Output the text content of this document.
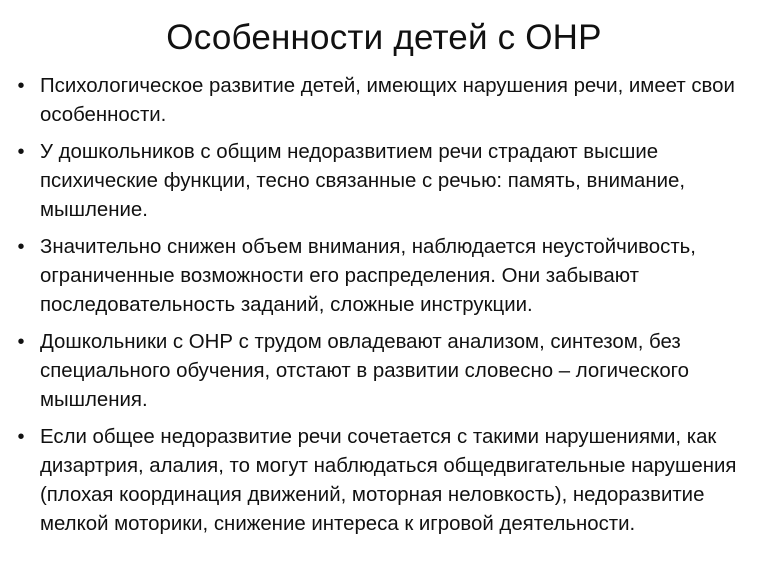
Особенности детей с ОНР
• Психологическое развитие детей, имеющих нарушения речи, имеет свои особенности.
• У дошкольников с общим недоразвитием речи страдают высшие психические функции, тесно связанные с речью: память, внимание, мышление.
• Значительно снижен объем внимания, наблюдается неустойчивость, ограниченные возможности его распределения. Они забывают последовательность заданий, сложные инструкции.
• Дошкольники с ОНР с трудом овладевают анализом, синтезом, без специального обучения, отстают в развитии словесно – логического мышления.
• Если общее недоразвитие речи сочетается с такими нарушениями, как дизартрия, алалия, то могут наблюдаться общедвигательные нарушения (плохая координация движений, моторная неловкость), недоразвитие мелкой моторики, снижение интереса к игровой деятельности.
